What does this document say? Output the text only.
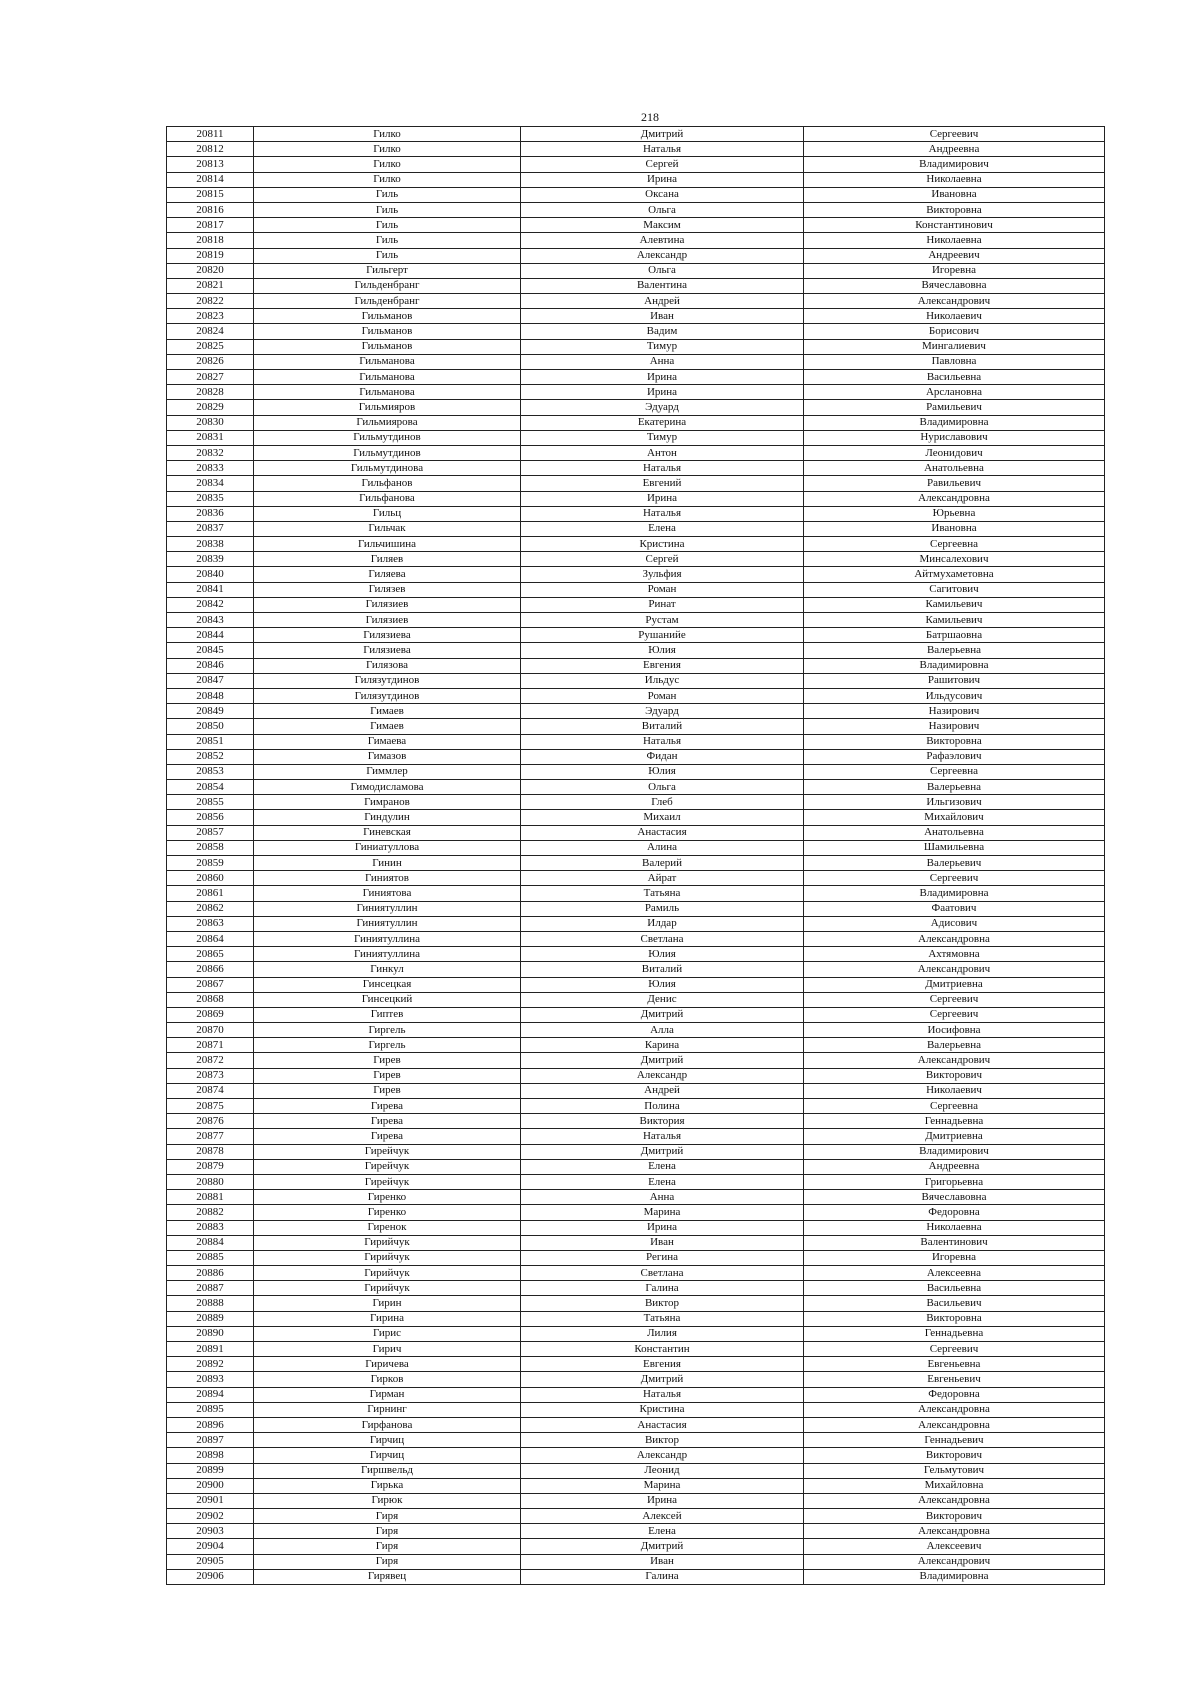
218
20811	Гилко	Дмитрий	Сергеевич
20812	Гилко	Наталья	Андреевна
20813	Гилко	Сергей	Владимирович
20814	Гилко	Ирина	Николаевна
20815	Гиль	Оксана	Ивановна
20816	Гиль	Ольга	Викторовна
20817	Гиль	Максим	Константинович
20818	Гиль	Алевтина	Николаевна
20819	Гиль	Александр	Андреевич
20820	Гильгерт	Ольга	Игоревна
20821	Гильденбранг	Валентина	Вячеславовна
20822	Гильденбранг	Андрей	Александрович
20823	Гильманов	Иван	Николаевич
20824	Гильманов	Вадим	Борисович
20825	Гильманов	Тимур	Мингалиевич
20826	Гильманова	Анна	Павловна
20827	Гильманова	Ирина	Васильевна
20828	Гильманова	Ирина	Арслановна
20829	Гильмияров	Эдуард	Рамильевич
20830	Гильмиярова	Екатерина	Владимировна
20831	Гильмутдинов	Тимур	Нуриславович
20832	Гильмутдинов	Антон	Леонидович
20833	Гильмутдинова	Наталья	Анатольевна
20834	Гильфанов	Евгений	Равильевич
20835	Гильфанова	Ирина	Александровна
20836	Гильц	Наталья	Юрьевна
20837	Гильчак	Елена	Ивановна
20838	Гильчишина	Кристина	Сергеевна
20839	Гиляев	Сергей	Минсалехович
20840	Гиляева	Зульфия	Айтмухаметовна
20841	Гилязев	Роман	Сагитович
20842	Гилязиев	Ринат	Камильевич
20843	Гилязиев	Рустам	Камильевич
20844	Гилязиева	Рушанийе	Батршаовна
20845	Гилязиева	Юлия	Валерьевна
20846	Гилязова	Евгения	Владимировна
20847	Гилязутдинов	Ильдус	Рашитович
20848	Гилязутдинов	Роман	Ильдусович
20849	Гимаев	Эдуард	Назирович
20850	Гимаев	Виталий	Назирович
20851	Гимаева	Наталья	Викторовна
20852	Гимазов	Фидан	Рафаэлович
20853	Гиммлер	Юлия	Сергеевна
20854	Гимодисламова	Ольга	Валерьевна
20855	Гимранов	Глеб	Ильгизович
20856	Гиндулин	Михаил	Михайлович
20857	Гиневская	Анастасия	Анатольевна
20858	Гиниатуллова	Алина	Шамильевна
20859	Гинин	Валерий	Валерьевич
20860	Гиниятов	Айрат	Сергеевич
20861	Гиниятова	Татьяна	Владимировна
20862	Гиниятуллин	Рамиль	Фаатович
20863	Гиниятуллин	Илдар	Адисович
20864	Гиниятуллина	Светлана	Александровна
20865	Гиниятуллина	Юлия	Ахтямовна
20866	Гинкул	Виталий	Александрович
20867	Гинсецкая	Юлия	Дмитриевна
20868	Гинсецкий	Денис	Сергеевич
20869	Гиптев	Дмитрий	Сергеевич
20870	Гиргель	Алла	Иосифовна
20871	Гиргель	Карина	Валерьевна
20872	Гирев	Дмитрий	Александрович
20873	Гирев	Александр	Викторович
20874	Гирев	Андрей	Николаевич
20875	Гирева	Полина	Сергеевна
20876	Гирева	Виктория	Геннадьевна
20877	Гирева	Наталья	Дмитриевна
20878	Гирейчук	Дмитрий	Владимирович
20879	Гирейчук	Елена	Андреевна
20880	Гирейчук	Елена	Григорьевна
20881	Гиренко	Анна	Вячеславовна
20882	Гиренко	Марина	Федоровна
20883	Гиренок	Ирина	Николаевна
20884	Гирийчук	Иван	Валентинович
20885	Гирийчук	Регина	Игоревна
20886	Гирийчук	Светлана	Алексеевна
20887	Гирийчук	Галина	Васильевна
20888	Гирин	Виктор	Васильевич
20889	Гирина	Татьяна	Викторовна
20890	Гирис	Лилия	Геннадьевна
20891	Гирич	Константин	Сергеевич
20892	Гиричева	Евгения	Евгеньевна
20893	Гирков	Дмитрий	Евгеньевич
20894	Гирман	Наталья	Федоровна
20895	Гирнинг	Кристина	Александровна
20896	Гирфанова	Анастасия	Александровна
20897	Гирчиц	Виктор	Геннадьевич
20898	Гирчиц	Александр	Викторович
20899	Гиршвельд	Леонид	Гельмутович
20900	Гирька	Марина	Михайловна
20901	Гирюк	Ирина	Александровна
20902	Гиря	Алексей	Викторович
20903	Гиря	Елена	Александровна
20904	Гиря	Дмитрий	Алексеевич
20905	Гиря	Иван	Александрович
20906	Гирявец	Галина	Владимировна
